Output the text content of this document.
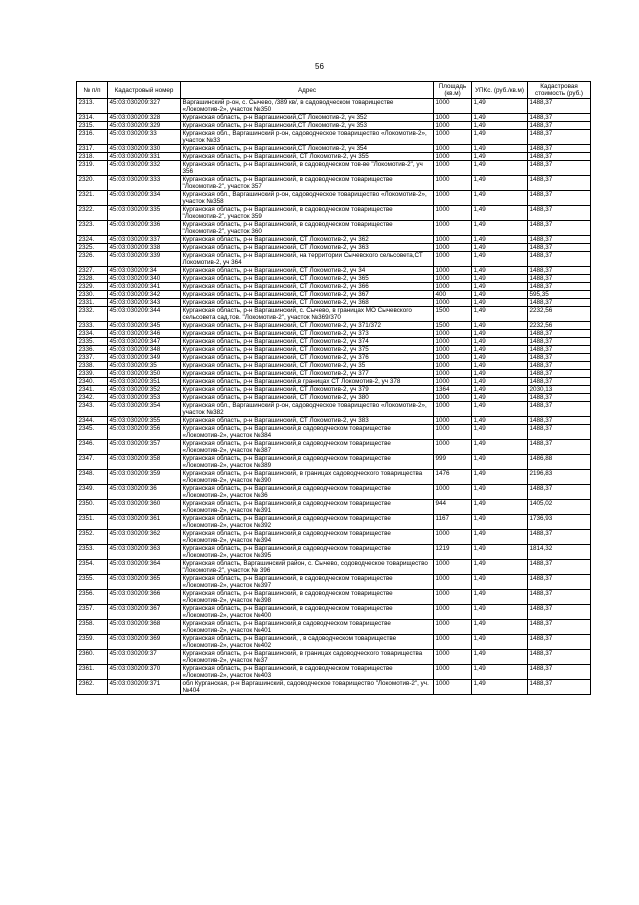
56
№ п/п	Кадастровый номер	Адрес	Площадь (кв.м)	УПКс. (руб./кв.м)	Кадастровая стоимость (руб.)
2313.	45:03:030209:327	Варгашинский р-он, с. Сычево, /389 кв/, в садоводческом товариществе «Локомотив-2», участок №350	1000	1,49	1488,37
2314.	45:03:030209:328	Курганская область, р-н Варгашинский,СТ Локомотив-2, уч 352	1000	1,49	1488,37
2315.	45:03:030209:329	Курганская область, р-н Варгашинский,СТ Локомотив-2, уч 353	1000	1,49	1488,37
2316.	45:03:030209:33	Курганская обл., Варгашинский р-он, садоводческое товарищество «Локомотив-2», участок №33	1000	1,49	1488,37
2317.	45:03:030209:330	Курганская область, р-н Варгашинский,СТ Локомотив-2, уч 354	1000	1,49	1488,37
2318.	45:03:030209:331	Курганская область, р-н Варгашинский, СТ Локомотив-2, уч 355	1000	1,49	1488,37
2319.	45:03:030209:332	Курганская область, р-н Варгашинский, в садоводческом тов-ве "Локомотив-2", уч 356	1000	1,49	1488,37
2320.	45:03:030209:333	Курганская область, р-н Варгашинский, в садоводческом товариществе "Локомотив-2", участок 357	1000	1,49	1488,37
2321.	45:03:030209:334	Курганская обл., Варгашинский р-он, садоводческое товарищество «Локомотив-2», участок №358	1000	1,49	1488,37
2322.	45:03:030209:335	Курганская область, р-н Варгашинский, в садоводческом товариществе "Локомотив-2", участок 359	1000	1,49	1488,37
2323.	45:03:030209:336	Курганская область, р-н Варгашинский, в садоводческом товариществе "Локомотив-2", участок 360	1000	1,49	1488,37
2324.	45:03:030209:337	Курганская область, р-н Варгашинский, СТ Локомотив-2, уч 362	1000	1,49	1488,37
2325.	45:03:030209:338	Курганская область, р-н Варгашинский, СТ Локомотив-2, уч 363	1000	1,49	1488,37
2326.	45:03:030209:339	Курганская область, р-н Варгашинский, на территории Сычевского сельсовета,СТ Локомотив-2, уч 364	1000	1,49	1488,37
2327.	45:03:030209:34	Курганская область, р-н Варгашинский, СТ Локомотив-2, уч 34	1000	1,49	1488,37
2328.	45:03:030209:340	Курганская область, р-н Варгашинский, СТ Локомотив-2, уч 365	1000	1,49	1488,37
2329.	45:03:030209:341	Курганская область, р-н Варгашинский, СТ Локомотив-2, уч 366	1000	1,49	1488,37
2330.	45:03:030209:342	Курганская область, р-н Варгашинский, СТ Локомотив-2, уч 367	400	1,49	595,35
2331.	45:03:030209:343	Курганская область, р-н Варгашинский, СТ Локомотив-2, уч 368	1000	1,49	1488,37
2332.	45:03:030209:344	Курганская область, р-н Варгашинский, с. Сычево, в границах МО Сычевского сельсовета сад.тов. "Локомотив-2", участок №369/370	1500	1,49	2232,56
2333.	45:03:030209:345	Курганская область, р-н Варгашинский, СТ Локомотив-2, уч 371/372	1500	1,49	2232,56
2334.	45:03:030209:346	Курганская область, р-н Варгашинский, СТ Локомотив-2, уч 373	1000	1,49	1488,37
2335.	45:03:030209:347	Курганская область, р-н Варгашинский, СТ Локомотив-2, уч 374	1000	1,49	1488,37
2336.	45:03:030209:348	Курганская область, р-н Варгашинский, СТ Локомотив-2, уч 375	1000	1,49	1488,37
2337.	45:03:030209:349	Курганская область, р-н Варгашинский, СТ Локомотив-2, уч 376	1000	1,49	1488,37
2338.	45:03:030209:35	Курганская область, р-н Варгашинский, СТ Локомотив-2, уч 35	1000	1,49	1488,37
2339.	45:03:030209:350	Курганская область, р-н Варгашинский, СТ Локомотив-2, уч 377	1000	1,49	1488,37
2340.	45:03:030209:351	Курганская область, р-н Варгашинский,в границах СТ Локомотив-2, уч 378	1000	1,49	1488,37
2341.	45:03:030209:352	Курганская область, р-н Варгашинский, СТ Локомотив-2, уч 379	1364	1,49	2030,13
2342.	45:03:030209:353	Курганская область, р-н Варгашинский, СТ Локомотив-2, уч 380	1000	1,49	1488,37
2343.	45:03:030209:354	Курганская обл., Варгашинский р-он, садоводческое товарищество «Локомотив-2», участок №382	1000	1,49	1488,37
2344.	45:03:030209:355	Курганская область, р-н Варгашинский, СТ Локомотив-2, уч 383	1000	1,49	1488,37
2345.	45:03:030209:356	Курганская область, р-н Варгашинский,в садоводческом товариществе «Локомотив-2», участок №384	1000	1,49	1488,37
2346.	45:03:030209:357	Курганская область, р-н Варгашинский,в садоводческом товариществе «Локомотив-2», участок №387	1000	1,49	1488,37
2347.	45:03:030209:358	Курганская область, р-н Варгашинский,в садоводческом товариществе «Локомотив-2», участок №389	999	1,49	1486,88
2348.	45:03:030209:359	Курганская область, р-н Варгашинский, в границах садоводческого товарищества «Локомотив-2», участок №390	1476	1,49	2196,83
2349.	45:03:030209:36	Курганская область, р-н Варгашинский,в садоводческом товариществе «Локомотив-2», участок №36	1000	1,49	1488,37
2350.	45:03:030209:360	Курганская область, р-н Варгашинский,в садоводческом товариществе «Локомотив-2», участок №391	944	1,49	1405,02
2351.	45:03:030209:361	Курганская область, р-н Варгашинский,в садоводческом товариществе «Локомотив-2», участок №392	1167	1,49	1736,93
2352.	45:03:030209:362	Курганская область, р-н Варгашинский,в садоводческом товариществе «Локомотив-2», участок №394	1000	1,49	1488,37
2353.	45:03:030209:363	Курганская область, р-н Варгашинский,в садоводческом товариществе «Локомотив-2», участок №395	1219	1,49	1814,32
2354.	45:03:030209:364	Курганская область, Варгашинский район, с. Сычево, содоводческое товарищество "Локомотив-2", участок № 396	1000	1,49	1488,37
2355.	45:03:030209:365	Курганская область, р-н Варгашинский, в садоводческом товариществе «Локомотив-2», участок №397	1000	1,49	1488,37
2356.	45:03:030209:366	Курганская область, р-н Варгашинский, в садоводческом товариществе «Локомотив-2», участок №398	1000	1,49	1488,37
2357.	45:03:030209:367	Курганская область, р-н Варгашинский, в садоводческом товариществе «Локомотив-2», участок №400	1000	1,49	1488,37
2358.	45:03:030209:368	Курганская область, р-н Варгашинский,в садоводческом товариществе «Локомотив-2», участок №401	1000	1,49	1488,37
2359.	45:03:030209:369	Курганская область, р-н Варгашинский, , в садоводческом товариществе «Локомотив-2», участок №402	1000	1,49	1488,37
2360.	45:03:030209:37	Курганская область, р-н Варгашинский, в границах садоводческого товарищества «Локомотив-2», участок №37	1000	1,49	1488,37
2361.	45:03:030209:370	Курганская область, р-н Варгашинский, в садоводческом товариществе «Локомотив-2», участок №403	1000	1,49	1488,37
2362.	45:03:030209:371	обл Курганская, р-н Варгашинский, садоводческое товарищество "Локомотив-2", уч. №404	1000	1,49	1488,37
